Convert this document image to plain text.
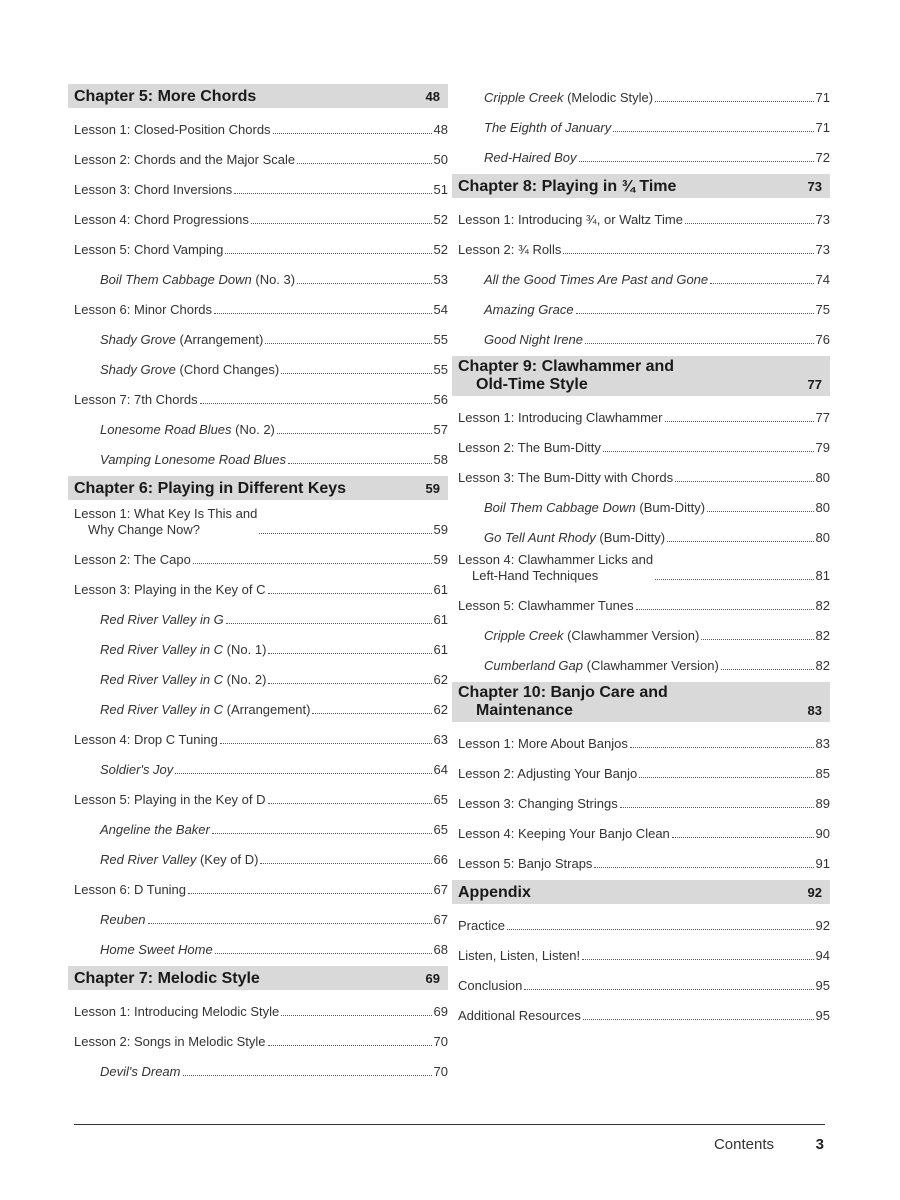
Chapter 5: More Chords	48
Lesson 1: Closed-Position Chords	48
Lesson 2: Chords and the Major Scale	50
Lesson 3: Chord Inversions	51
Lesson 4: Chord Progressions	52
Lesson 5: Chord Vamping	52
Boil Them Cabbage Down (No. 3)	53
Lesson 6: Minor Chords	54
Shady Grove (Arrangement)	55
Shady Grove (Chord Changes)	55
Lesson 7: 7th Chords	56
Lonesome Road Blues (No. 2)	57
Vamping Lonesome Road Blues	58
Chapter 6: Playing in Different Keys	59
Lesson 1: What Key Is This and
Why Change Now?	59
Lesson 2: The Capo	59
Lesson 3: Playing in the Key of C	61
Red River Valley in G	61
Red River Valley in C (No. 1)	61
Red River Valley in C (No. 2)	62
Red River Valley in C (Arrangement)	62
Lesson 4: Drop C Tuning	63
Soldier's Joy	64
Lesson 5: Playing in the Key of D	65
Angeline the Baker	65
Red River Valley (Key of D)	66
Lesson 6: D Tuning	67
Reuben	67
Home Sweet Home	68
Chapter 7: Melodic Style	69
Lesson 1: Introducing Melodic Style	69
Lesson 2: Songs in Melodic Style	70
Devil's Dream	70
Cripple Creek (Melodic Style)	71
The Eighth of January	71
Red-Haired Boy	72
Chapter 8: Playing in ¾ Time	73
Lesson 1: Introducing ¾, or Waltz Time	73
Lesson 2: ¾ Rolls	73
All the Good Times Are Past and Gone	74
Amazing Grace	75
Good Night Irene	76
Chapter 9: Clawhammer and
Old-Time Style	77
Lesson 1: Introducing Clawhammer	77
Lesson 2: The Bum-Ditty	79
Lesson 3: The Bum-Ditty with Chords	80
Boil Them Cabbage Down (Bum-Ditty)	80
Go Tell Aunt Rhody (Bum-Ditty)	80
Lesson 4: Clawhammer Licks and
Left-Hand Techniques	81
Lesson 5: Clawhammer Tunes	82
Cripple Creek (Clawhammer Version)	82
Cumberland Gap (Clawhammer Version)	82
Chapter 10: Banjo Care and
Maintenance	83
Lesson 1: More About Banjos	83
Lesson 2: Adjusting Your Banjo	85
Lesson 3: Changing Strings	89
Lesson 4: Keeping Your Banjo Clean	90
Lesson 5: Banjo Straps	91
Appendix	92
Practice	92
Listen, Listen, Listen!	94
Conclusion	95
Additional Resources	95
Contents	3
